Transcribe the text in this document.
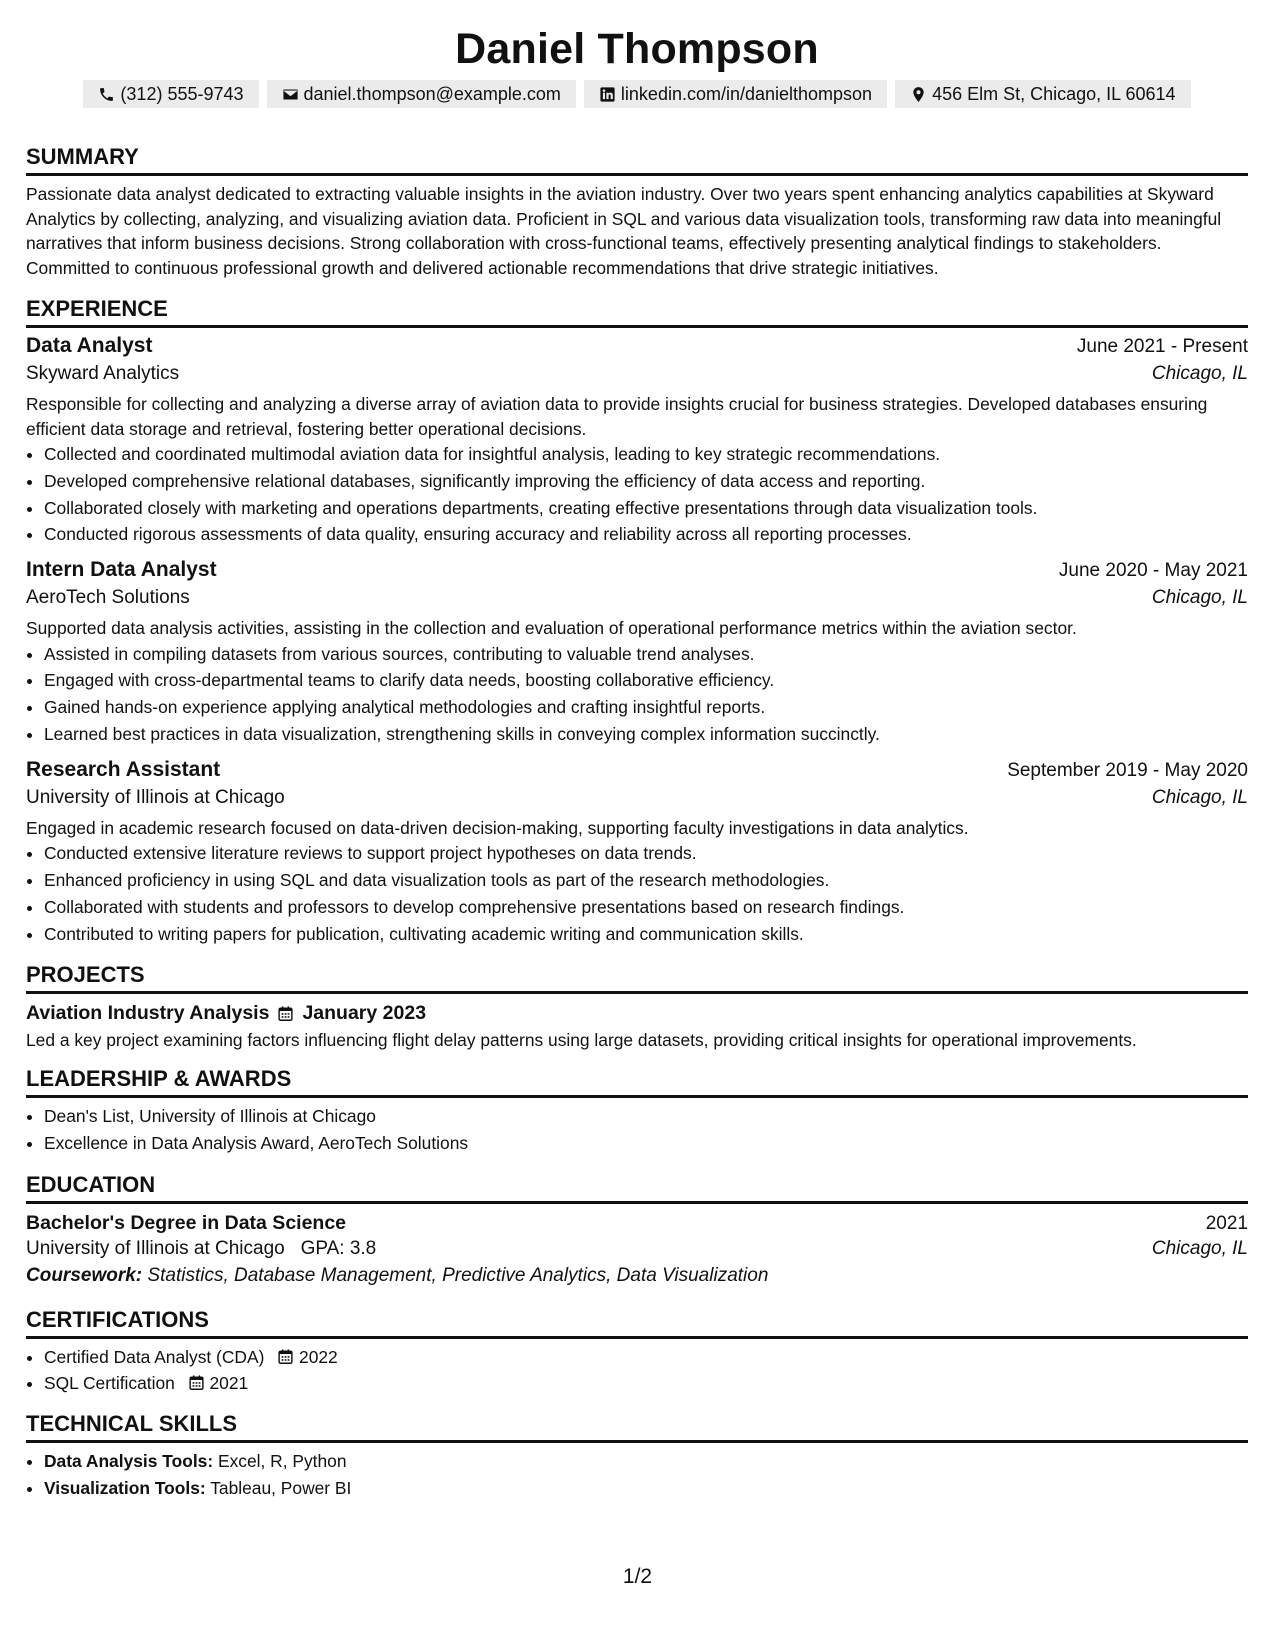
Daniel Thompson
(312) 555-9743	daniel.thompson@example.com	linkedin.com/in/danielthompson	456 Elm St, Chicago, IL 60614
SUMMARY

Passionate data analyst dedicated to extracting valuable insights in the aviation industry. Over two years spent enhancing analytics capabilities at Skyward Analytics by collecting, analyzing, and visualizing aviation data. Proficient in SQL and various data visualization tools, transforming raw data into meaningful narratives that inform business decisions. Strong collaboration with cross-functional teams, effectively presenting analytical findings to stakeholders. Committed to continuous professional growth and delivered actionable recommendations that drive strategic initiatives.

EXPERIENCE
Data Analyst	June 2021 - Present
Skyward Analytics	Chicago, IL

Responsible for collecting and analyzing a diverse array of aviation data to provide insights crucial for business strategies. Developed databases ensuring efficient data storage and retrieval, fostering better operational decisions.

• Collected and coordinated multimodal aviation data for insightful analysis, leading to key strategic recommendations.
• Developed comprehensive relational databases, significantly improving the efficiency of data access and reporting.
• Collaborated closely with marketing and operations departments, creating effective presentations through data visualization tools.
• Conducted rigorous assessments of data quality, ensuring accuracy and reliability across all reporting processes.
Intern Data Analyst	June 2020 - May 2021
AeroTech Solutions	Chicago, IL

Supported data analysis activities, assisting in the collection and evaluation of operational performance metrics within the aviation sector.

• Assisted in compiling datasets from various sources, contributing to valuable trend analyses.
• Engaged with cross-departmental teams to clarify data needs, boosting collaborative efficiency.
• Gained hands-on experience applying analytical methodologies and crafting insightful reports.
• Learned best practices in data visualization, strengthening skills in conveying complex information succinctly.
Research Assistant	September 2019 - May 2020
University of Illinois at Chicago	Chicago, IL

Engaged in academic research focused on data-driven decision-making, supporting faculty investigations in data analytics.

• Conducted extensive literature reviews to support project hypotheses on data trends.
• Enhanced proficiency in using SQL and data visualization tools as part of the research methodologies.
• Collaborated with students and professors to develop comprehensive presentations based on research findings.
• Contributed to writing papers for publication, cultivating academic writing and communication skills.
PROJECTS
Aviation Industry Analysis January 2023

Led a key project examining factors influencing flight delay patterns using large datasets, providing critical insights for operational improvements.

LEADERSHIP & AWARDS
• Dean's List, University of Illinois at Chicago
• Excellence in Data Analysis Award, AeroTech Solutions
EDUCATION
Bachelor's Degree in Data Science	2021
University of Illinois at Chicago GPA: 3.8	Chicago, IL
Coursework: Statistics, Database Management, Predictive Analytics, Data Visualization
CERTIFICATIONS
• Certified Data Analyst (CDA) 2022
• SQL Certification 2021
TECHNICAL SKILLS
• Data Analysis Tools: Excel, R, Python
• Visualization Tools: Tableau, Power BI
1/2
